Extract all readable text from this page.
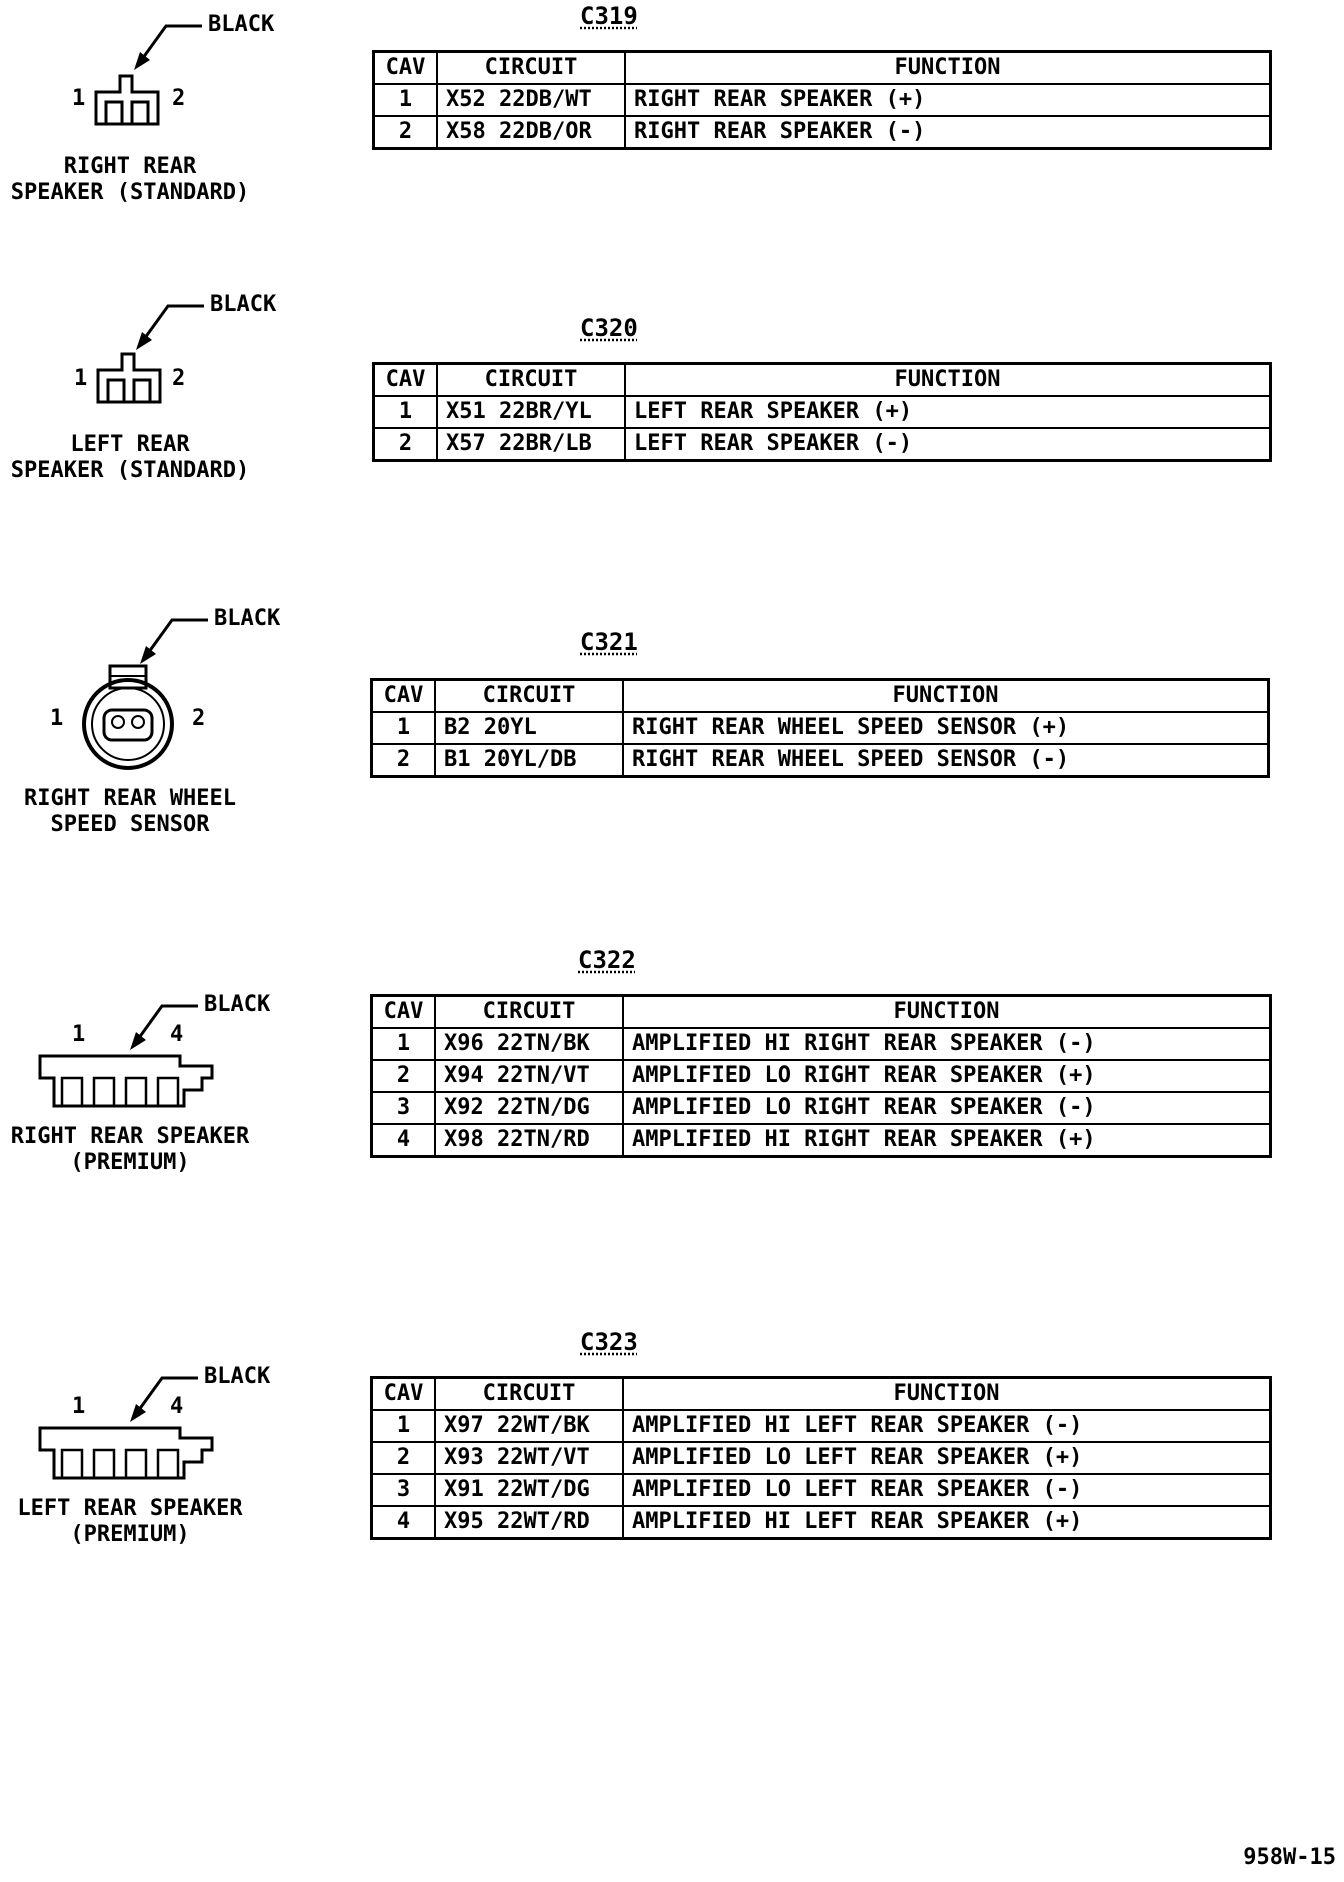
BLACK
1	2
RIGHT REAR
SPEAKER (STANDARD)
C319
CAV	CIRCUIT	FUNCTION
1	X52 22DB/WT	RIGHT REAR SPEAKER (+)
2	X58 22DB/OR	RIGHT REAR SPEAKER (-)
BLACK
1	2
LEFT REAR
SPEAKER (STANDARD)
C320
CAV	CIRCUIT	FUNCTION
1	X51 22BR/YL	LEFT REAR SPEAKER (+)
2	X57 22BR/LB	LEFT REAR SPEAKER (-)
BLACK
1	2
RIGHT REAR WHEEL
SPEED SENSOR
C321
CAV	CIRCUIT	FUNCTION
1	B2 20YL	RIGHT REAR WHEEL SPEED SENSOR (+)
2	B1 20YL/DB	RIGHT REAR WHEEL SPEED SENSOR (-)
BLACK
1	4
RIGHT REAR SPEAKER
(PREMIUM)
C322
CAV	CIRCUIT	FUNCTION
1	X96 22TN/BK	AMPLIFIED HI RIGHT REAR SPEAKER (-)
2	X94 22TN/VT	AMPLIFIED LO RIGHT REAR SPEAKER (+)
3	X92 22TN/DG	AMPLIFIED LO RIGHT REAR SPEAKER (-)
4	X98 22TN/RD	AMPLIFIED HI RIGHT REAR SPEAKER (+)
BLACK
1	4
LEFT REAR SPEAKER
(PREMIUM)
C323
CAV	CIRCUIT	FUNCTION
1	X97 22WT/BK	AMPLIFIED HI LEFT REAR SPEAKER (-)
2	X93 22WT/VT	AMPLIFIED LO LEFT REAR SPEAKER (+)
3	X91 22WT/DG	AMPLIFIED LO LEFT REAR SPEAKER (-)
4	X95 22WT/RD	AMPLIFIED HI LEFT REAR SPEAKER (+)
958W-15
